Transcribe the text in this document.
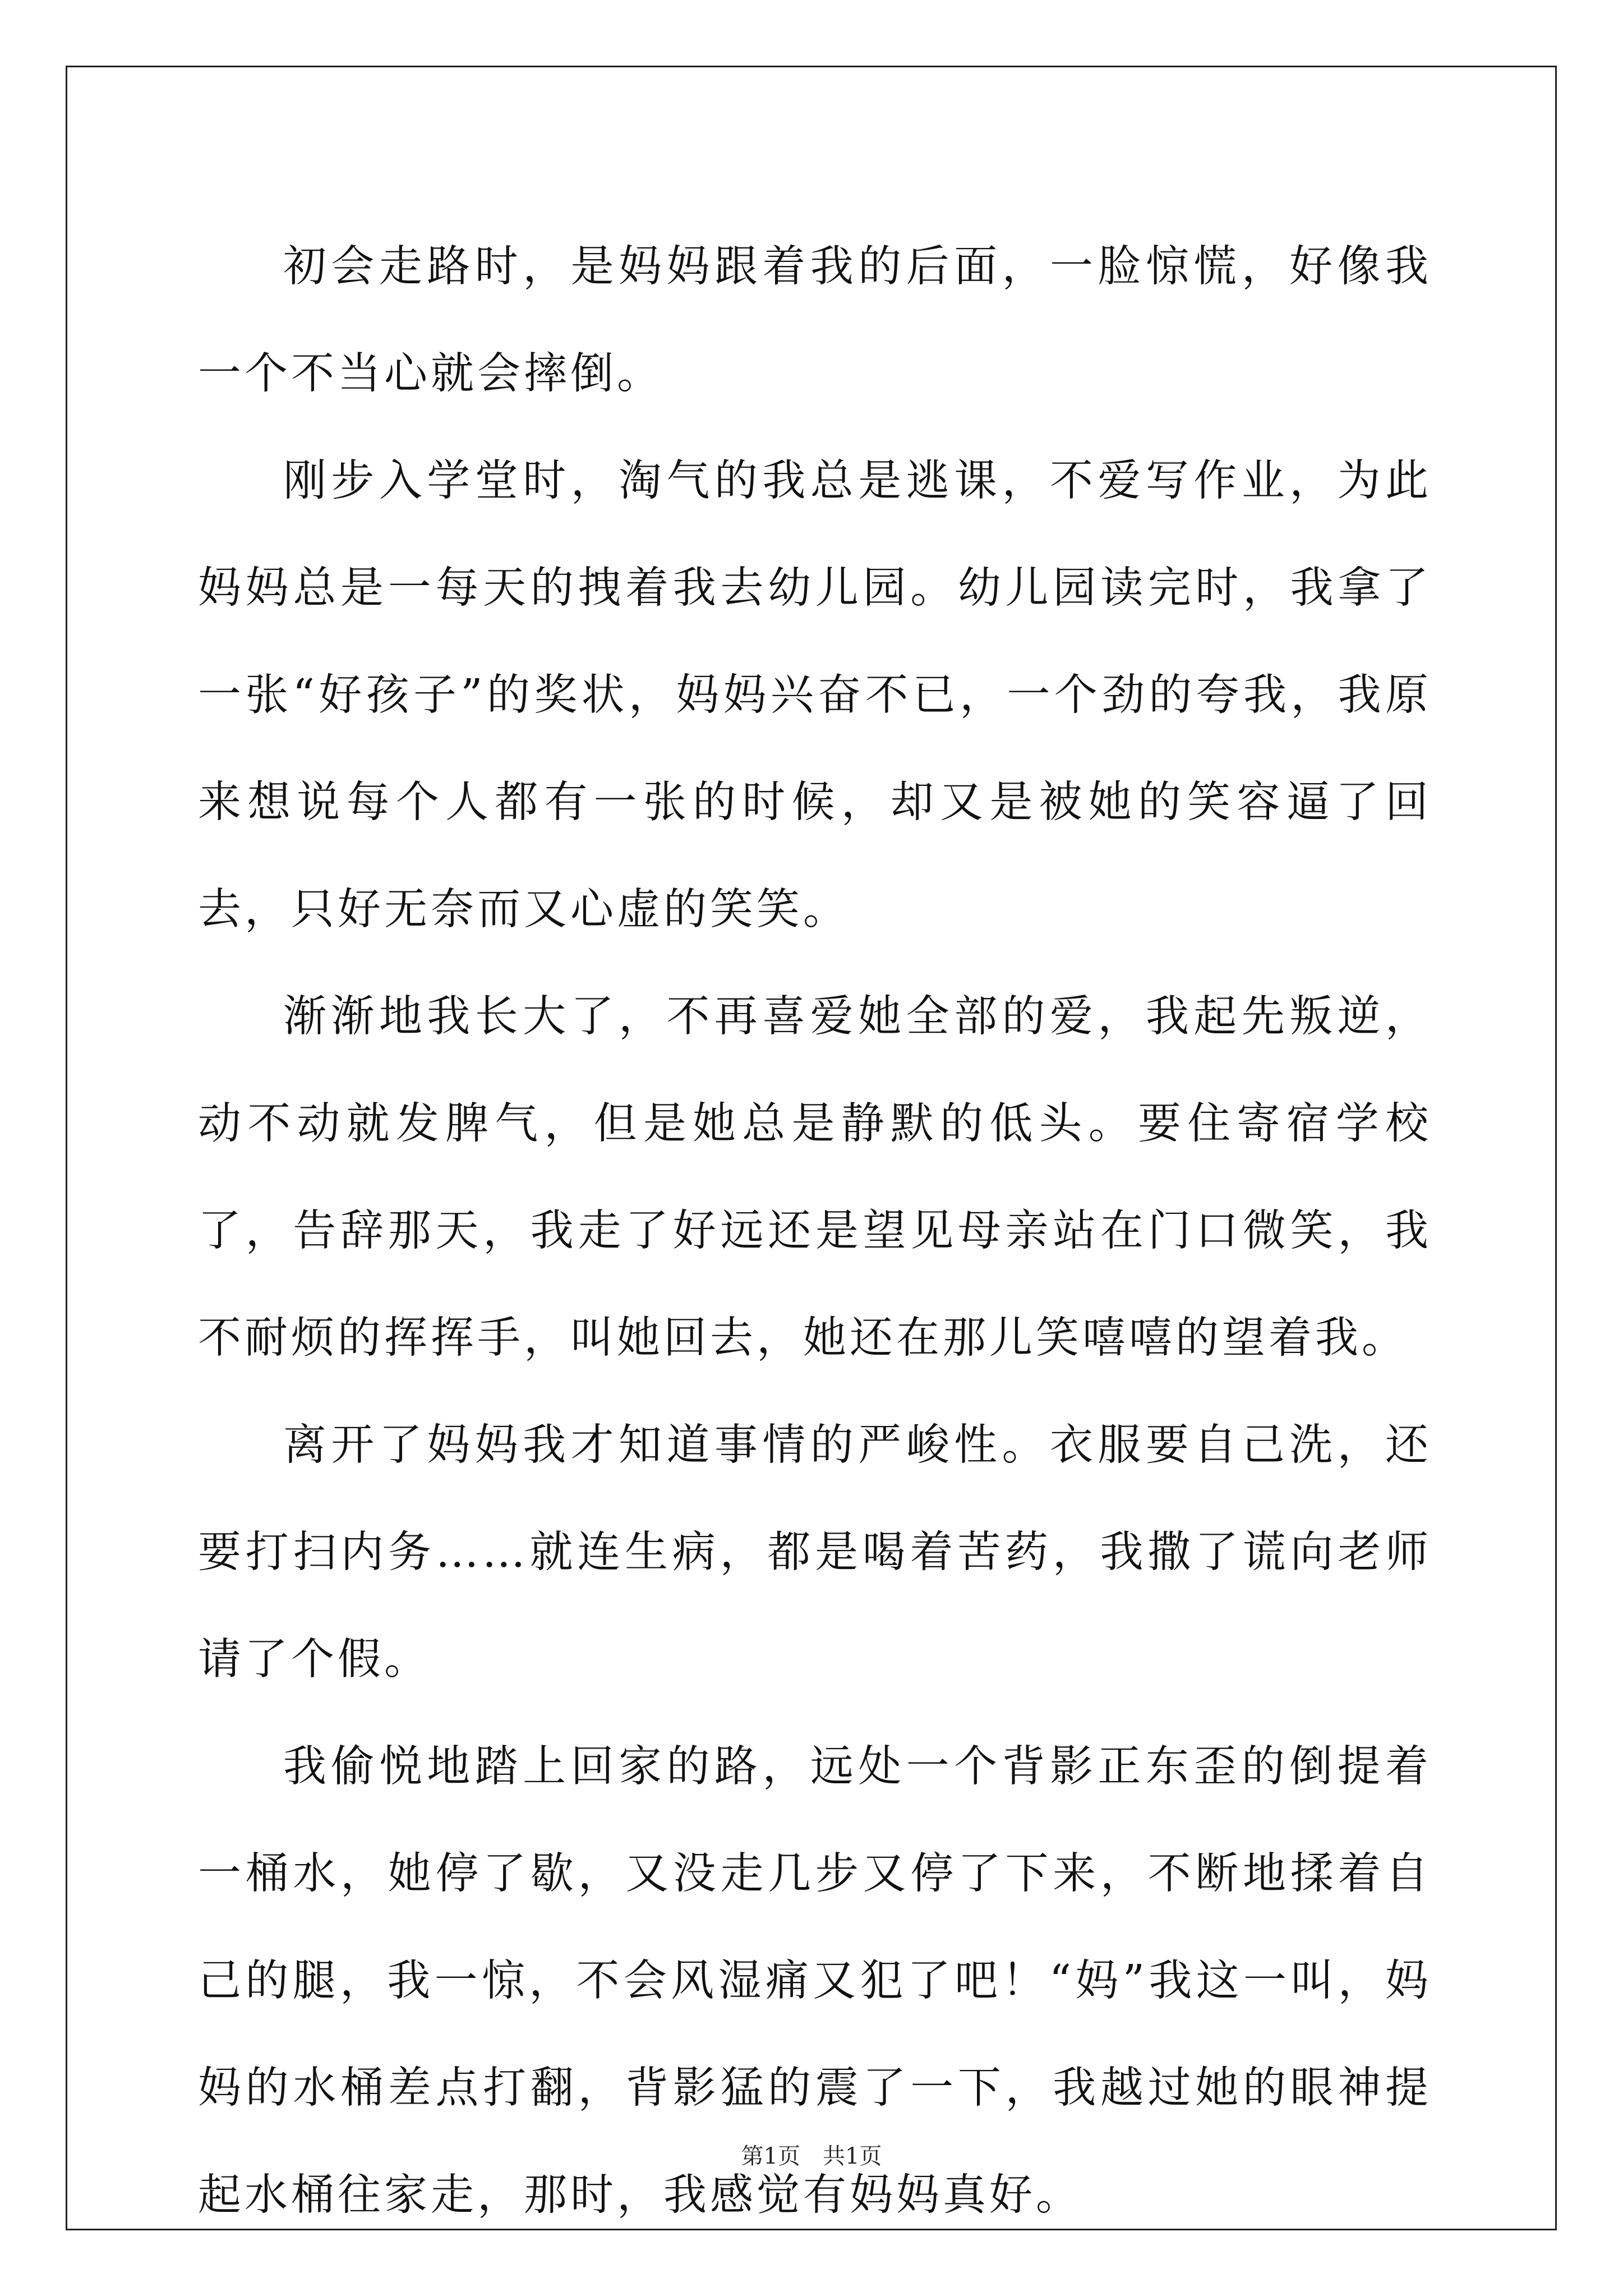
初会走路时，是妈妈跟着我的后面，一脸惊慌，好像我一个不当心就会摔倒。

刚步入学堂时，淘气的我总是逃课，不爱写作业，为此妈妈总是一每天的拽着我去幼儿园。幼儿园读完时，我拿了一张“好孩子”的奖状，妈妈兴奋不已，一个劲的夸我，我原来想说每个人都有一张的时候，却又是被她的笑容逼了回去，只好无奈而又心虚的笑笑。

渐渐地我长大了，不再喜爱她全部的爱，我起先叛逆，动不动就发脾气，但是她总是静默的低头。要住寄宿学校了，告辞那天，我走了好远还是望见母亲站在门口微笑，我不耐烦的挥挥手，叫她回去，她还在那儿笑嘻嘻的望着我。

离开了妈妈我才知道事情的严峻性。衣服要自己洗，还要打扫内务……就连生病，都是喝着苦药，我撒了谎向老师请了个假。

我偷悦地踏上回家的路，远处一个背影正东歪的倒提着一桶水，她停了歇，又没走几步又停了下来，不断地揉着自己的腿，我一惊，不会风湿痛又犯了吧！“妈”我这一叫，妈妈的水桶差点打翻，背影猛的震了一下，我越过她的眼神提起水桶往家走，那时，我感觉有妈妈真好。

第1页　共1页
